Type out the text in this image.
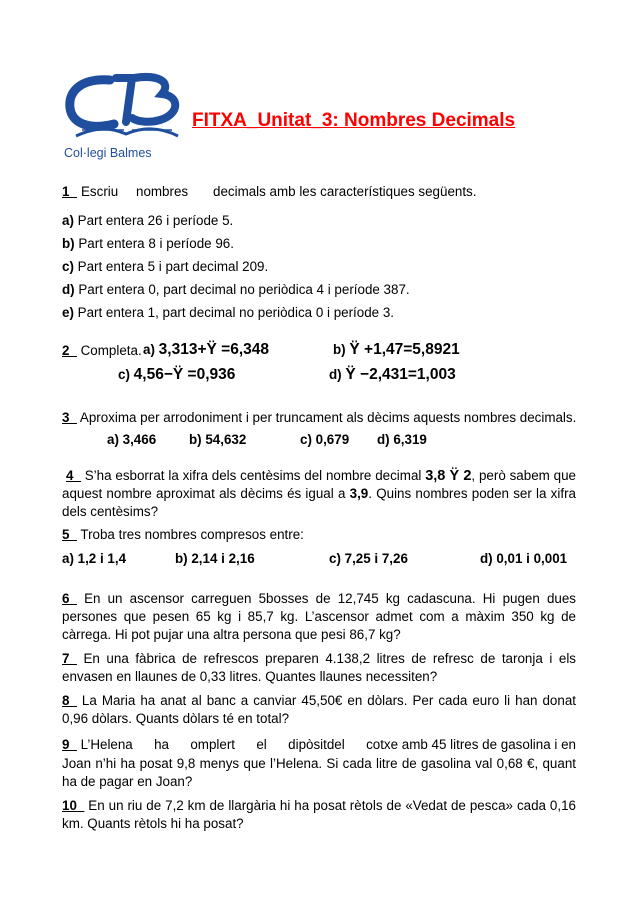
Col·legi Balmes
FITXA_Unitat_3: Nombres Decimals
1_ Escriu nombres decimals amb les característiques següents.
a) Part entera 26 i període 5.
b) Part entera 8 i període 96.
c) Part entera 5 i part decimal 209.
d) Part entera 0, part decimal no periòdica 4 i període 387.
e) Part entera 1, part decimal no periòdica 0 i període 3.
2_ Completa. a) 3,313+Ÿ =6,348	b) Ÿ +1,47=5,8921
c) 4,56−Ÿ =0,936	d) Ÿ −2,431=1,003
3_ Aproxima per arrodoniment i per truncament als dècims aquests nombres decimals.
a) 3,466 b) 54,632	c) 0,679 d) 6,319
4_ S’ha esborrat la xifra dels centèsims del nombre decimal 3,8 Ÿ 2, però sabem que aquest nombre aproximat als dècims és igual a 3,9. Quins nombres poden ser la xifra dels centèsims?
5_ Troba tres nombres compresos entre:
a) 1,2 i 1,4	b) 2,14 i 2,16	c) 7,25 i 7,26	d) 0,01 i 0,001
6_ En un ascensor carreguen 5bosses de 12,745 kg cadascuna. Hi pugen dues persones que pesen 65 kg i 85,7 kg. L’ascensor admet com a màxim 350 kg de càrrega. Hi pot pujar una altra persona que pesi 86,7 kg?
7_ En una fàbrica de refrescos preparen 4.138,2 litres de refresc de taronja i els envasen en llaunes de 0,33 litres. Quantes llaunes necessiten?
8_ La Maria ha anat al banc a canviar 45,50€ en dòlars. Per cada euro li han donat 0,96 dòlars. Quants dòlars té en total?
9_ L’Helena ha omplert el dipòsitdel cotxe amb 45 litres de gasolina i en
Joan n’hi ha posat 9,8 menys que l’Helena. Si cada litre de gasolina val 0,68 €, quant ha de pagar en Joan?
10_ En un riu de 7,2 km de llargària hi ha posat rètols de «Vedat de pesca» cada 0,16 km. Quants rètols hi ha posat?
